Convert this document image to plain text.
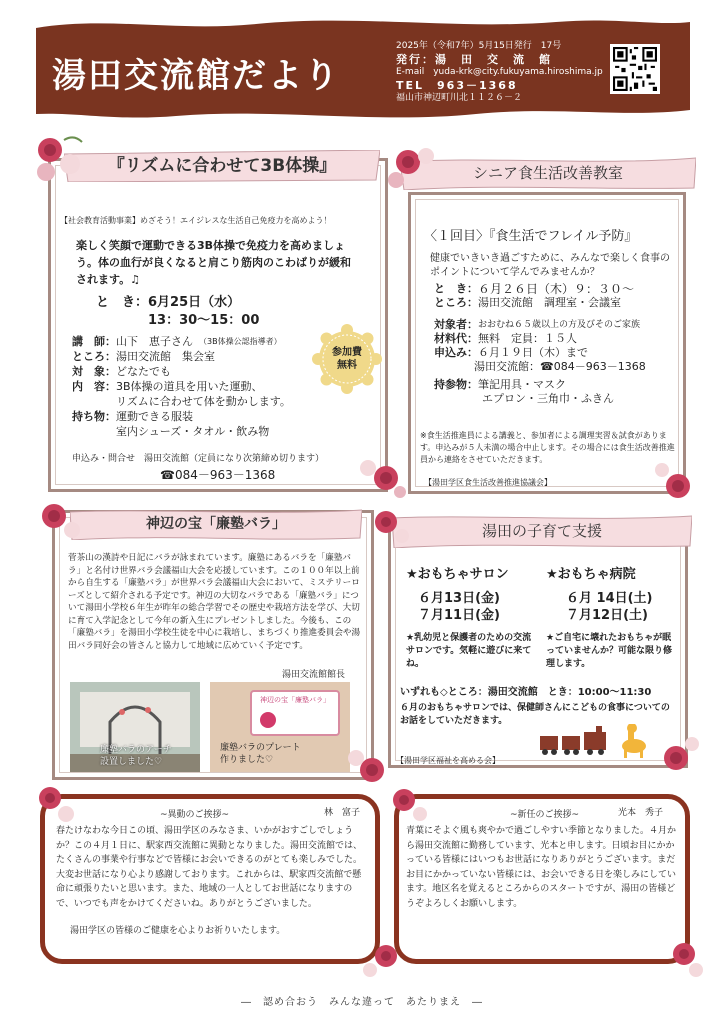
湯田交流館だより
2025年（令和7年）5月15日発行　17号
発行：湯　田　交　流　館
E-mail　yuda-krk@city.fukuyama.hiroshima.jp
TEL　963－1368
福山市神辺町川北１１２６－２
『リズムに合わせて3B体操』
【社会教育活動事業】めざそう！エイジレスな生活自己免疫力を高めよう！
楽しく笑顔で運動できる3B体操で免疫力を高めましょう。体の血行が良くなると肩こり筋肉のこわばりが緩和されます。♫
と　き： 6月25日（水）
13：30～15：00
講　師： 山下　恵子さん （3B体操公認指導者）
ところ： 湯田交流館　集会室
対　象： どなたでも
内　容： 3B体操の道具を用いた運動、
リズムに合わせて体を動かします。
持ち物： 運動できる服装
室内シューズ・タオル・飲み物
申込み・問合せ　湯田交流館（定員になり次第締め切ります）
☎084－963－1368
参加費
無料
シニア食生活改善教室
〈１回目〉『食生活でフレイル予防』
健康でいきいき過ごすために、みんなで楽しく食事のポイントについて学んでみませんか？
と　き： ６月２６日（木）９：３０～
ところ： 湯田交流館　調理室・会議室
対象者： おおむね６５歳以上の方及びそのご家族
材料代： 無料　定員：１５人
申込み： ６月１９日（木）まで
湯田交流館：☎084－963－1368
持参物： 筆記用具・マスク
エプロン・三角巾・ふきん
※食生活推進員による講義と、参加者による調理実習＆試食があります。申込みが５人未満の場合中止します。その場合には食生活改善推進員から連絡をさせていただきます。
【湯田学区食生活改善推進協議会】
神辺の宝「廉塾バラ」
菅茶山の漢詩や日記にバラが詠まれています。廉塾にあるバラを「廉塾バラ」と名付け世界バラ会議福山大会を応援しています。この１００年以上前から自生する「廉塾バラ」が世界バラ会議福山大会において、ミステリーローズとして紹介される予定です。神辺の大切なバラである「廉塾バラ」について湯田小学校６年生が昨年の総合学習でその歴史や栽培方法を学び、大切に育て入学記念として今年の新入生にプレゼントしました。今後も、この「廉塾バラ」を湯田小学校生徒を中心に栽培し、まちづくり推進委員会や湯田バラ同好会の皆さんと協力して地域に広めていく予定です。
湯田交流館館長
廉塾バラのアーチ
設置しました♡
神辺の宝「廉塾バラ」
廉塾バラのプレート
作りました♡
湯田の子育て支援
★おもちゃサロン
６月13日(金)
７月11日(金)
★乳幼児と保護者のための交流サロンです。気軽に遊びに来てね。
★おもちゃ病院
６月 14日(土)
７月12日(土)
★ご自宅に壊れたおもちゃが眠っていませんか？可能な限り修理します。
いずれも◇ところ：湯田交流館　とき：10:00～11:30
６月のおもちゃサロンでは、保健師さんにこどもの食事についてのお話をしていただきます。
【湯田学区福祉を高める会】
~異動のご挨拶~	林　富子
春たけなわな今日この頃、湯田学区のみなさま、いかがおすごしでしょうか？この４月１日に、駅家西交流館に異動となりました。湯田交流館では、たくさんの事業や行事などで皆様にお会いできるのがとても楽しみでした。大変お世話になり心より感謝しております。これからは、駅家西交流館で懸命に頑張りたいと思います。また、地域の一人としてお世話になりますので、いつでも声をかけてくださいね。ありがとうございました。
湯田学区の皆様のご健康を心よりお祈りいたします。
~新任のご挨拶~	光本　秀子
青葉にそよぐ風も爽やかで過ごしやすい季節となりました。４月から湯田交流館に勤務しています、光本と申します。日頃お目にかかっている皆様にはいつもお世話になりありがとうございます。まだお目にかかっていない皆様には、お会いできる日を楽しみにしています。地区名を覚えるところからのスタートですが、湯田の皆様どうぞよろしくお願いします。
―　認め合おう　みんな違って　あたりまえ　―
